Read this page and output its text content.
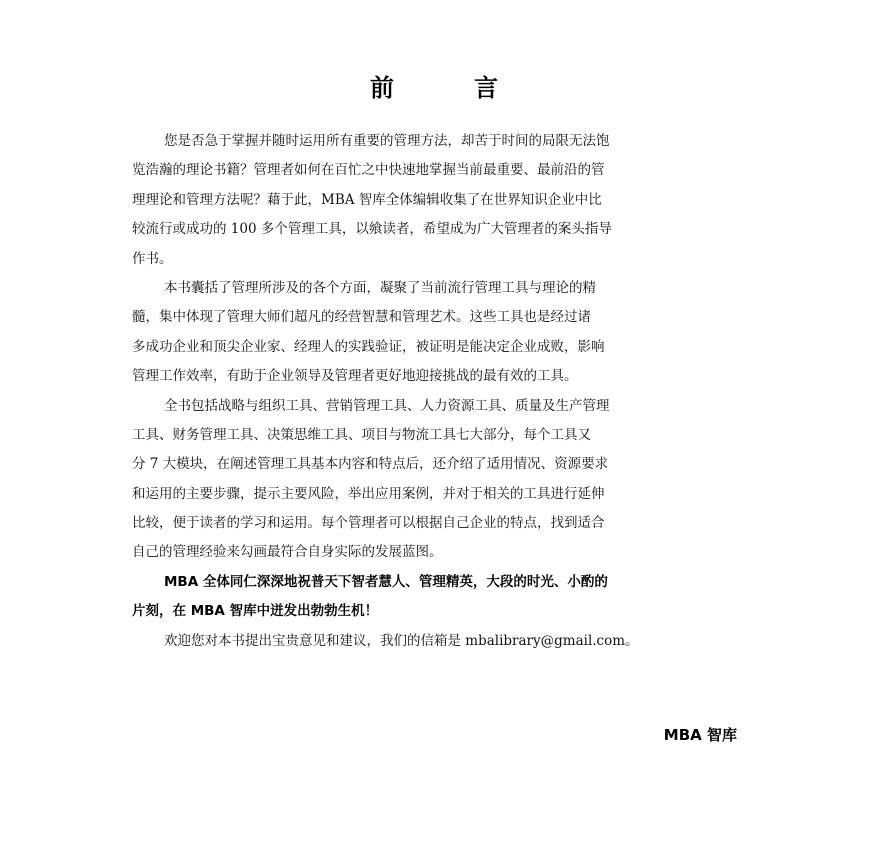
前	言
您是否急于掌握并随时运用所有重要的管理方法，却苦于时间的局限无法饱
览浩瀚的理论书籍？管理者如何在百忙之中快速地掌握当前最重要、最前沿的管
理理论和管理方法呢？藉于此，MBA 智库全体编辑收集了在世界知识企业中比
较流行或成功的 100 多个管理工具，以飨读者，希望成为广大管理者的案头指导
作书。
本书囊括了管理所涉及的各个方面，凝聚了当前流行管理工具与理论的精
髓，集中体现了管理大师们超凡的经营智慧和管理艺术。这些工具也是经过诸
多成功企业和顶尖企业家、经理人的实践验证，被证明是能决定企业成败，影响
管理工作效率，有助于企业领导及管理者更好地迎接挑战的最有效的工具。
全书包括战略与组织工具、营销管理工具、人力资源工具、质量及生产管理
工具、财务管理工具、决策思维工具、项目与物流工具七大部分，每个工具又
分 7 大模块，在阐述管理工具基本内容和特点后，还介绍了适用情况、资源要求
和运用的主要步骤，提示主要风险，举出应用案例，并对于相关的工具进行延伸
比较，便于读者的学习和运用。每个管理者可以根据自己企业的特点，找到适合
自己的管理经验来勾画最符合自身实际的发展蓝图。
MBA 全体同仁深深地祝普天下智者慧人、管理精英，大段的时光、小酌的
片刻，在 MBA 智库中迸发出勃勃生机！
欢迎您对本书提出宝贵意见和建议，我们的信箱是 mbalibrary@gmail.com。
MBA 智库
